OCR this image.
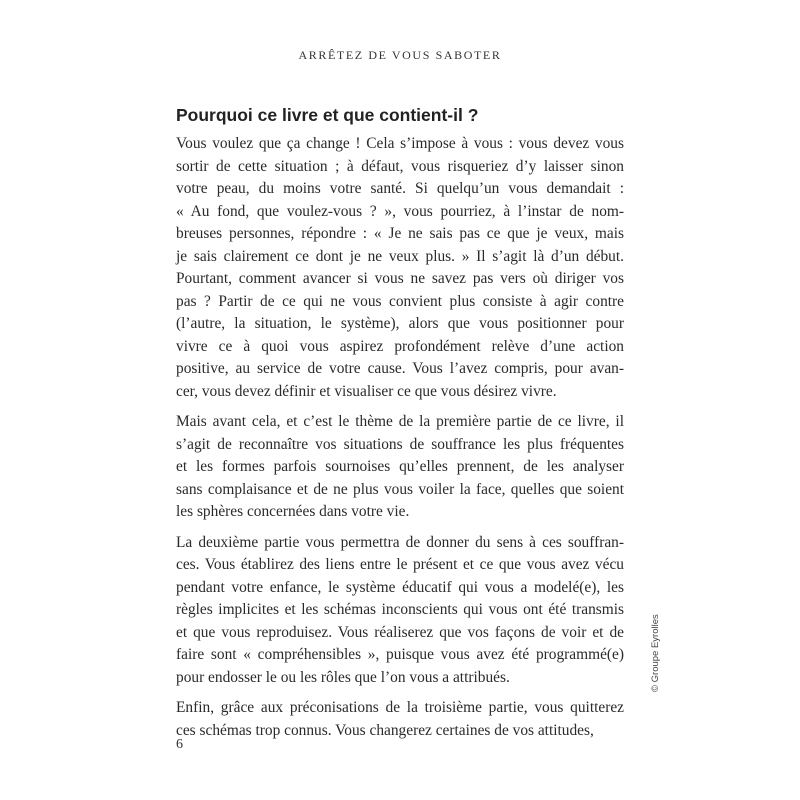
ARRÊTEZ DE VOUS SABOTER
Pourquoi ce livre et que contient-il ?
Vous voulez que ça change ! Cela s’impose à vous : vous devez vous
sortir de cette situation ; à défaut, vous risqueriez d’y laisser sinon
votre peau, du moins votre santé. Si quelqu’un vous demandait :
« Au fond, que voulez-vous ? », vous pourriez, à l’instar de nom-
breuses personnes, répondre : « Je ne sais pas ce que je veux, mais
je sais clairement ce dont je ne veux plus. » Il s’agit là d’un début.
Pourtant, comment avancer si vous ne savez pas vers où diriger vos
pas ? Partir de ce qui ne vous convient plus consiste à agir contre
(l’autre, la situation, le système), alors que vous positionner pour
vivre ce à quoi vous aspirez profondément relève d’une action
positive, au service de votre cause. Vous l’avez compris, pour avan-
cer, vous devez définir et visualiser ce que vous désirez vivre.
Mais avant cela, et c’est le thème de la première partie de ce livre, il
s’agit de reconnaître vos situations de souffrance les plus fréquentes
et les formes parfois sournoises qu’elles prennent, de les analyser
sans complaisance et de ne plus vous voiler la face, quelles que soient
les sphères concernées dans votre vie.
La deuxième partie vous permettra de donner du sens à ces souffran-
ces. Vous établirez des liens entre le présent et ce que vous avez vécu
pendant votre enfance, le système éducatif qui vous a modelé(e), les
règles implicites et les schémas inconscients qui vous ont été transmis
et que vous reproduisez. Vous réaliserez que vos façons de voir et de
faire sont « compréhensibles », puisque vous avez été programmé(e)
pour endosser le ou les rôles que l’on vous a attribués.
Enfin, grâce aux préconisations de la troisième partie, vous quitterez
ces schémas trop connus. Vous changerez certaines de vos attitudes,
6
© Groupe Eyrolles
